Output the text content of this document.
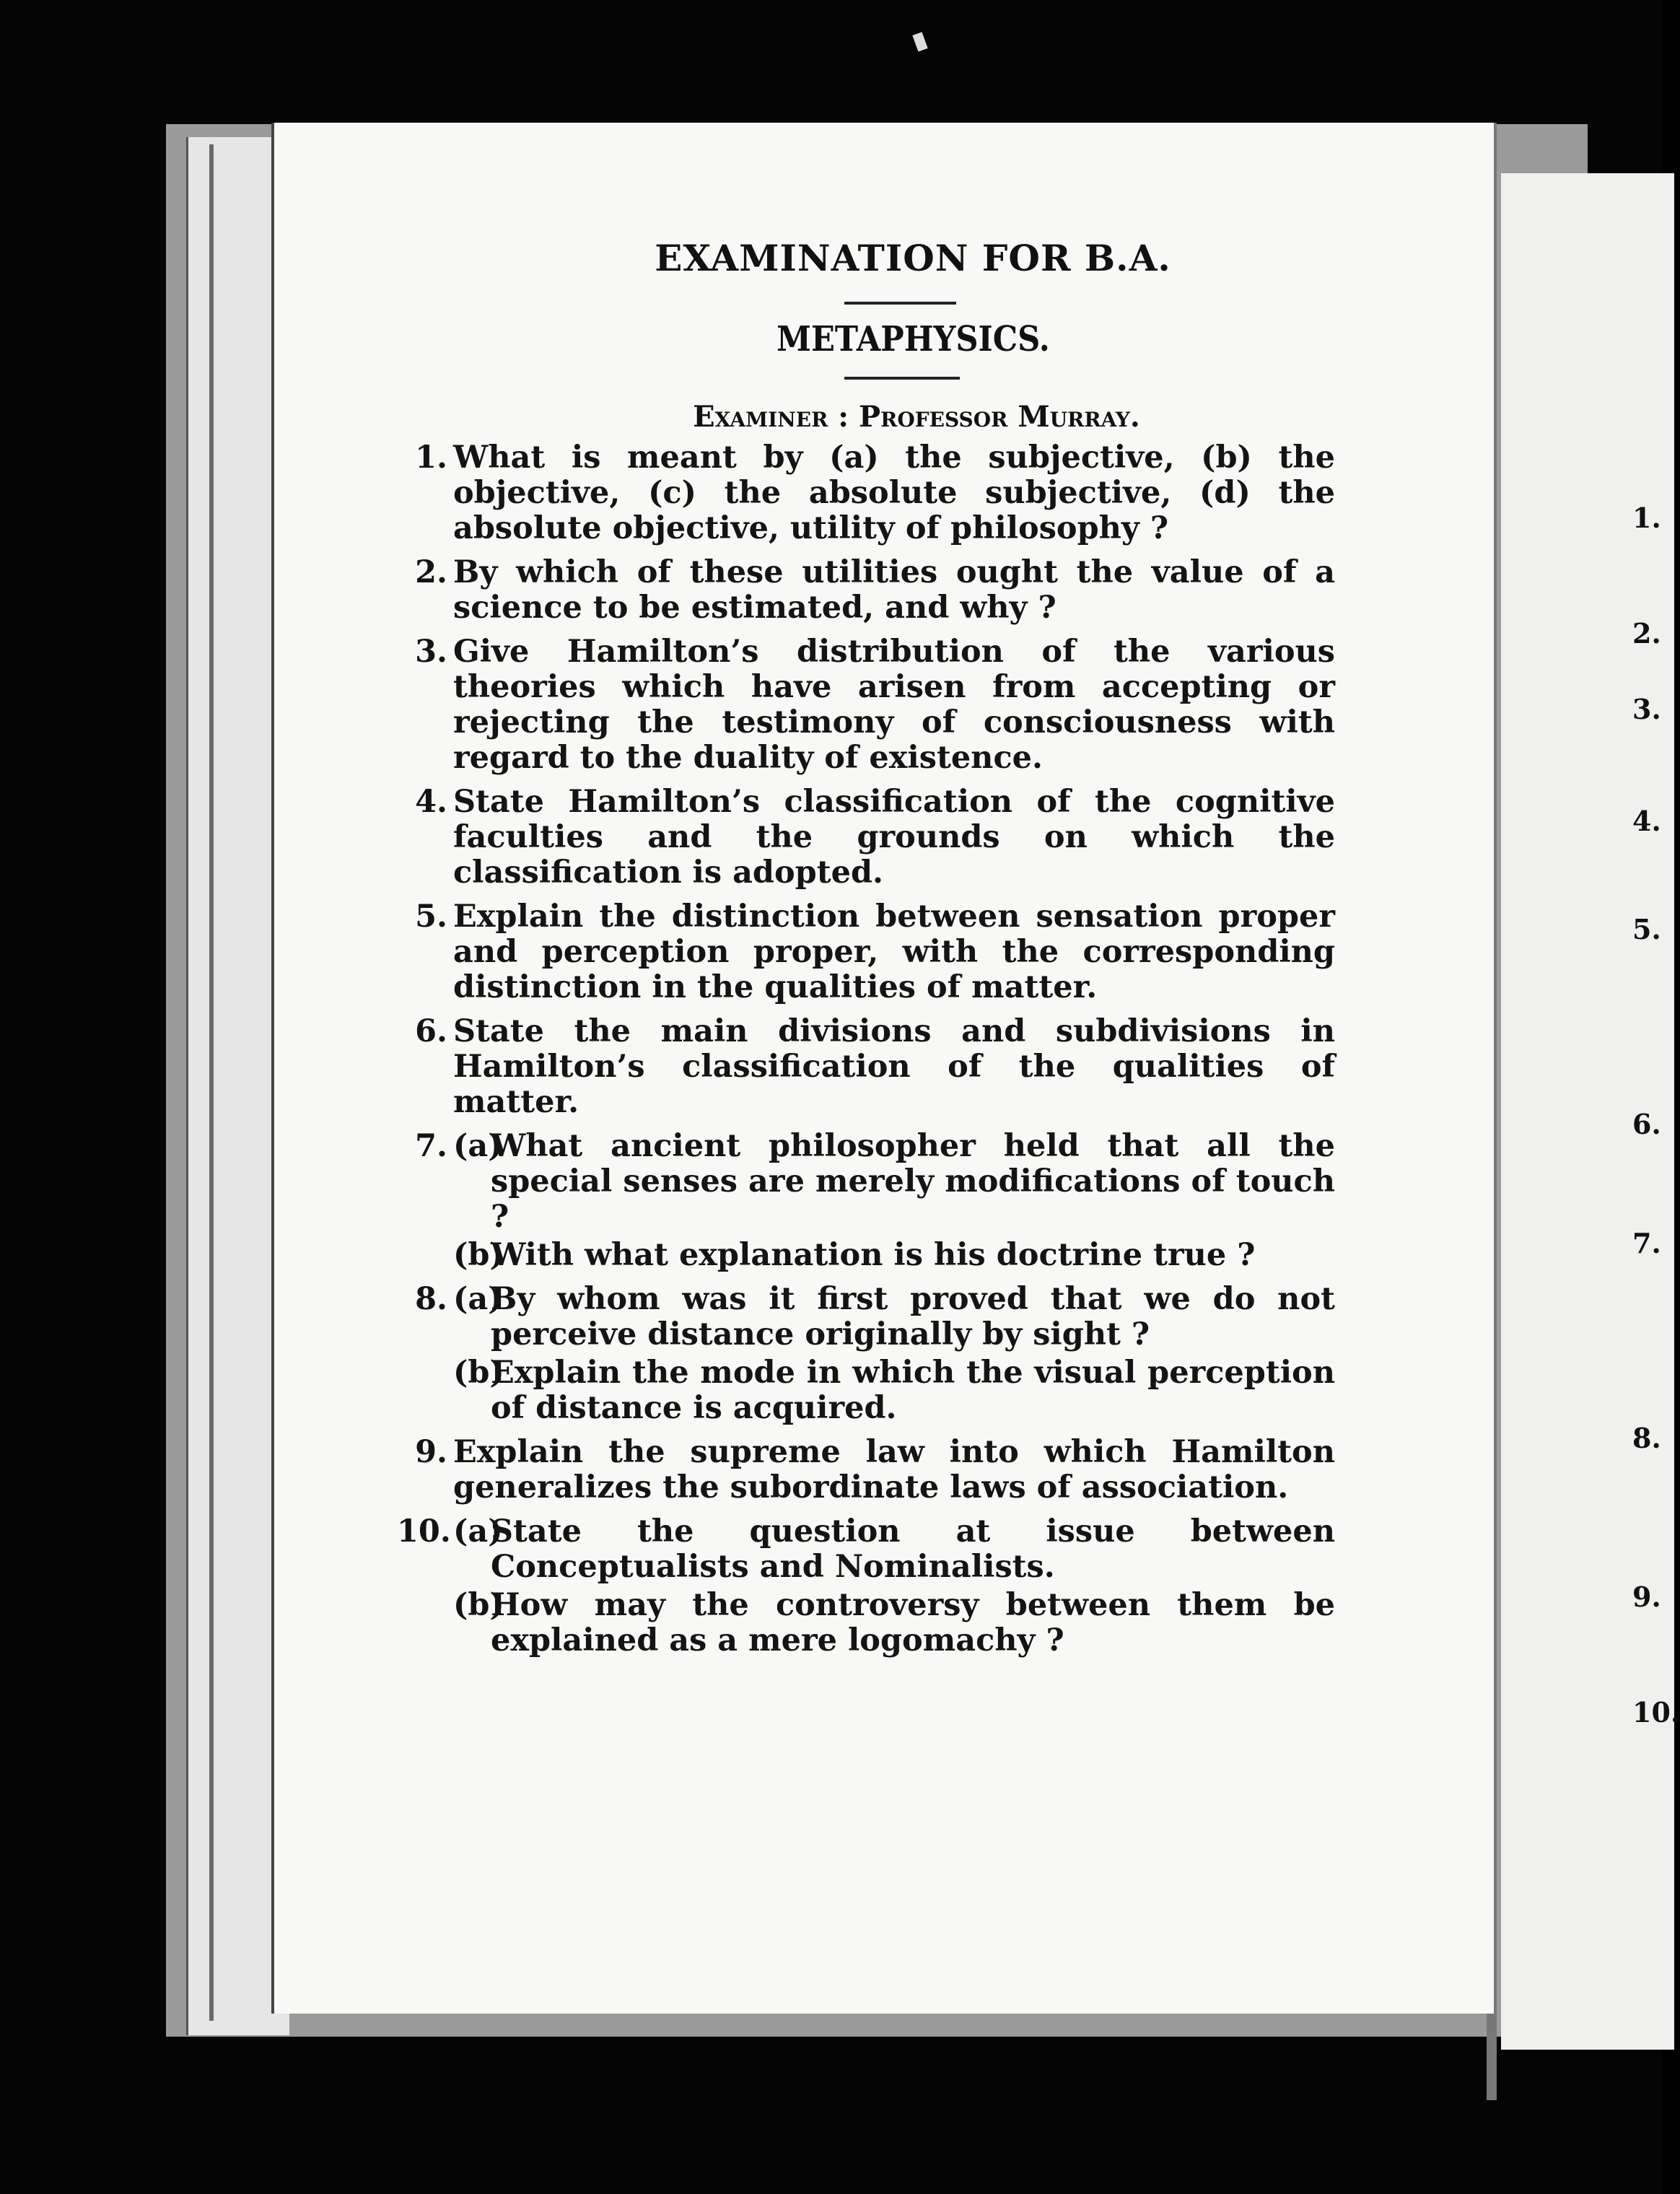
EXAMINATION FOR B.A.
METAPHYSICS.
Examiner : Professor Murray.
1. What is meant by (a) the subjective, (b) the objective, (c) the absolute subjective, (d) the absolute objective, utility of philosophy ?
2. By which of these utilities ought the value of a science to be estimated, and why ?
3. Give Hamilton’s distribution of the various theories which have arisen from accepting or rejecting the testimony of consciousness with regard to the duality of existence.
4. State Hamilton’s classification of the cognitive faculties and the grounds on which the classification is adopted.
5. Explain the distinction between sensation proper and perception proper, with the corresponding distinction in the qualities of matter.
6. State the main divisions and subdivisions in Hamilton’s classification of the qualities of matter.
7. (a)
What ancient philosopher held that all the special senses are merely modifications of touch ?
(b)
With what explanation is his doctrine true ?
8. (a)
By whom was it first proved that we do not perceive distance originally by sight ?
(b)
Explain the mode in which the visual perception of distance is acquired.
9. Explain the supreme law into which Hamilton generalizes the subordinate laws of association.
10. (a)
State the question at issue between Conceptualists and Nominalists.
(b)
How may the controversy between them be explained as a mere logomachy ?
1.
2.
3.
4.
5.
6.
7.
8.
9.
10.
